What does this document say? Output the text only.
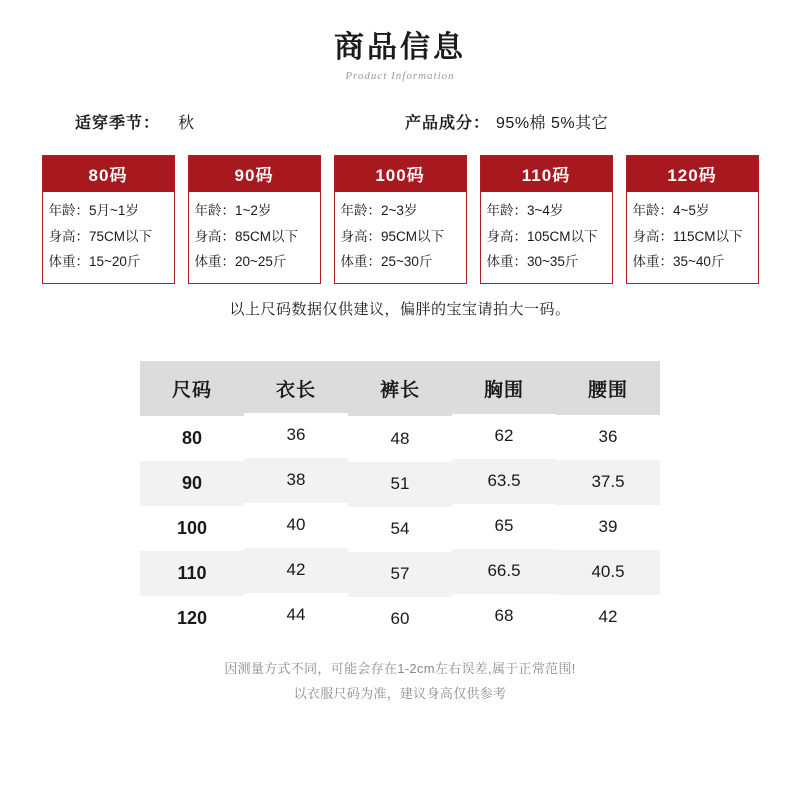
商品信息
Product Information
适穿季节： 秋	产品成分： 95%棉 5%其它
80码
年龄：5月~1岁
身高：75CM以下
体重：15~20斤
90码
年龄：1~2岁
身高：85CM以下
体重：20~25斤
100码
年龄：2~3岁
身高：95CM以下
体重：25~30斤
110码
年龄：3~4岁
身高：105CM以下
体重：30~35斤
120码
年龄：4~5岁
身高：115CM以下
体重：35~40斤
以上尺码数据仅供建议，偏胖的宝宝请拍大一码。
尺码	衣长	裤长	胸围	腰围
80	36	48	62	36
90	38	51	63.5	37.5
100	40	54	65	39
110	42	57	66.5	40.5
120	44	60	68	42
因测量方式不同，可能会存在1-2cm左右误差,属于正常范围!
以衣服尺码为准，建议身高仅供参考
